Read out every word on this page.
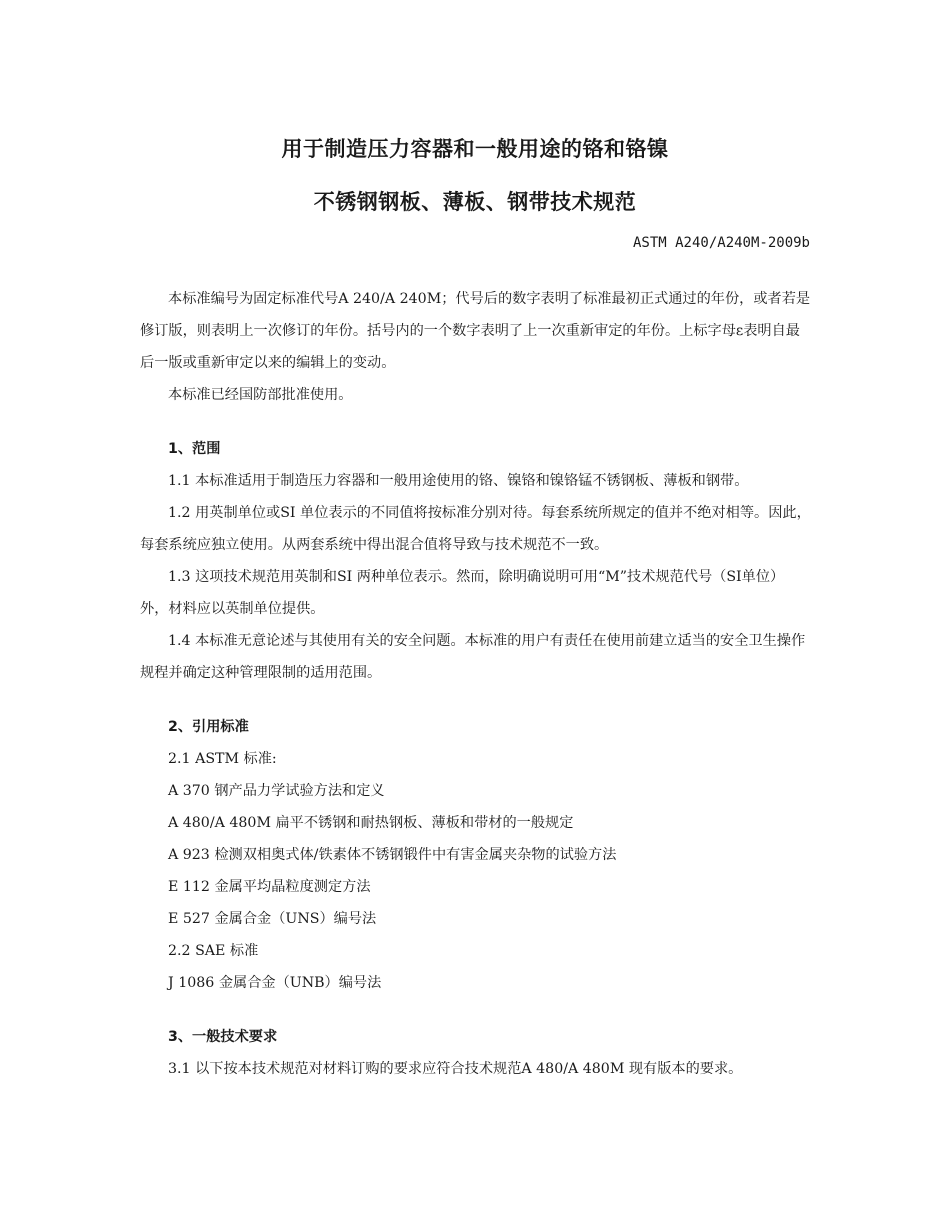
用于制造压力容器和一般用途的铬和铬镍
不锈钢钢板、薄板、钢带技术规范
ASTM A240/A240M-2009b

本标准编号为固定标准代号A 240/A 240M；代号后的数字表明了标准最初正式通过的年份，或者若是修订版，则表明上一次修订的年份。括号内的一个数字表明了上一次重新审定的年份。上标字母ε表明自最后一版或重新审定以来的编辑上的变动。

本标准已经国防部批准使用。

1、范围

1.1 本标准适用于制造压力容器和一般用途使用的铬、镍铬和镍铬锰不锈钢板、薄板和钢带。

1.2 用英制单位或SI 单位表示的不同值将按标准分别对待。每套系统所规定的值并不绝对相等。因此，每套系统应独立使用。从两套系统中得出混合值将导致与技术规范不一致。

1.3 这项技术规范用英制和SI 两种单位表示。然而，除明确说明可用“M”技术规范代号（SI单位）外，材料应以英制单位提供。

1.4 本标准无意论述与其使用有关的安全问题。本标准的用户有责任在使用前建立适当的安全卫生操作规程并确定这种管理限制的适用范围。

2、引用标准

2.1 ASTM 标准:

A 370 钢产品力学试验方法和定义

A 480/A 480M 扁平不锈钢和耐热钢板、薄板和带材的一般规定

A 923 检测双相奥式体/铁素体不锈钢锻件中有害金属夹杂物的试验方法

E 112 金属平均晶粒度测定方法

E 527 金属合金（UNS）编号法

2.2 SAE 标准

J 1086 金属合金（UNB）编号法

3、一般技术要求

3.1 以下按本技术规范对材料订购的要求应符合技术规范A 480/A 480M 现有版本的要求。
